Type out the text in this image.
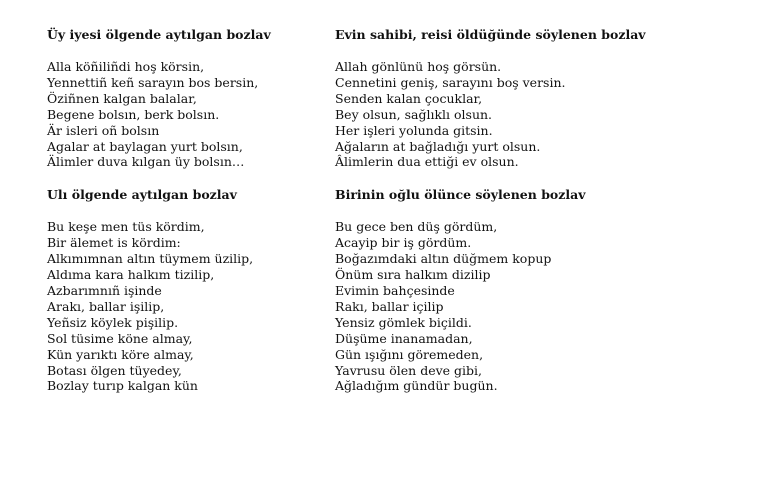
Üy iyesi ölgende aytılgan bozlav
Alla köñiliñdi hoş körsin,
Yennettiñ keñ sarayın bos bersin,
Öziñnen kalgan balalar,
Begene bolsın, berk bolsın.
Är isleri oñ bolsın
Agalar at baylagan yurt bolsın,
Älimler duva kılgan üy bolsın…
Ulı ölgende aytılgan bozlav
Bu keşe men tüs kördim,
Bir älemet is kördim:
Alkımımnan altın tüymem üzilip,
Aldıma kara halkım tizilip,
Azbarımnıñ işinde
Arakı, ballar işilip,
Yeñsiz köylek pişilip.
Sol tüsime köne almay,
Kün yarıktı köre almay,
Botası ölgen tüyedey,
Bozlay turıp kalgan kün
Evin sahibi, reisi öldüğünde söylenen bozlav
Allah gönlünü hoş görsün.
Cennetini geniş, sarayını boş versin.
Senden kalan çocuklar,
Bey olsun, sağlıklı olsun.
Her işleri yolunda gitsin.
Ağaların at bağladığı yurt olsun.
Âlimlerin dua ettiği ev olsun.
Birinin oğlu ölünce söylenen bozlav
Bu gece ben düş gördüm,
Acayip bir iş gördüm.
Boğazımdaki altın düğmem kopup
Önüm sıra halkım dizilip
Evimin bahçesinde
Rakı, ballar içilip
Yensiz gömlek biçildi.
Düşüme inanamadan,
Gün ışığını göremeden,
Yavrusu ölen deve gibi,
Ağladığım gündür bugün.
